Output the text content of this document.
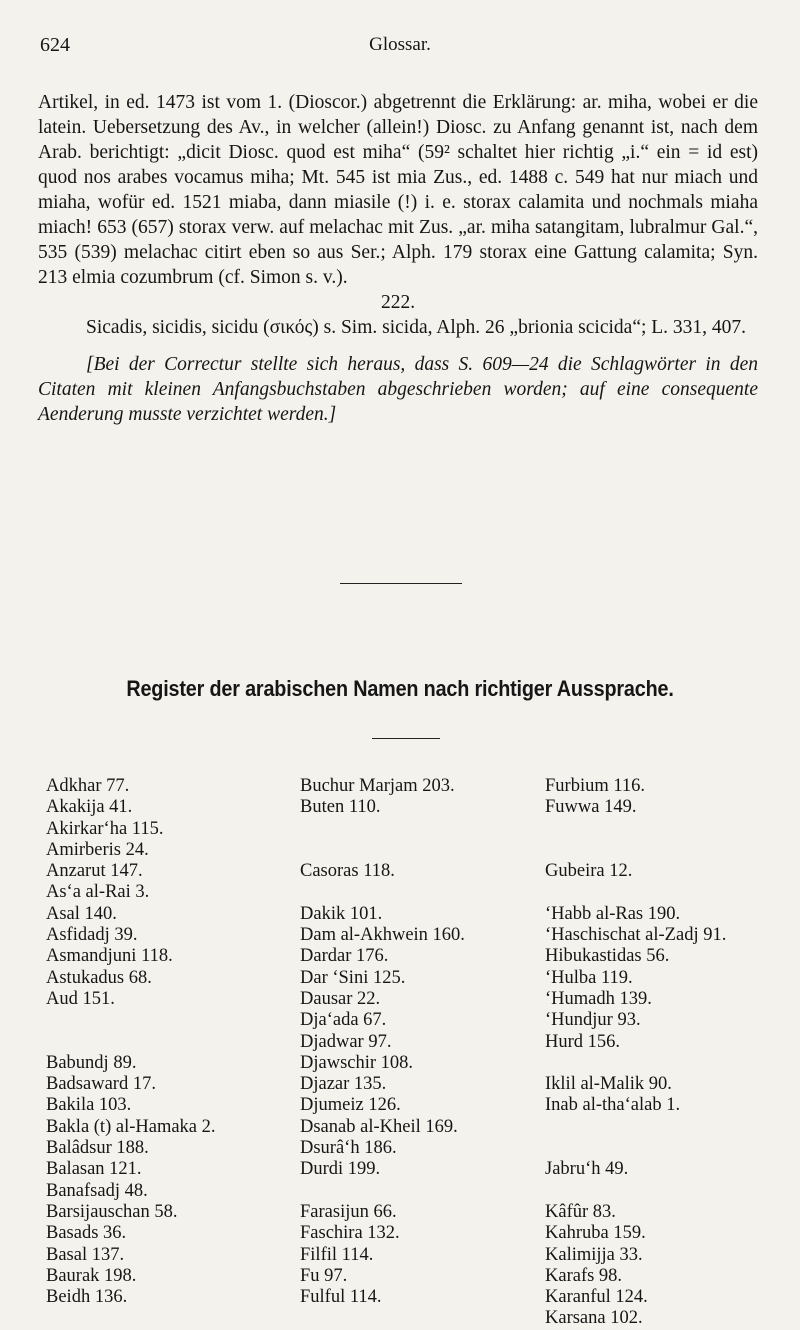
624	Glossar.

Artikel, in ed. 1473 ist vom 1. (Dioscor.) abgetrennt die Erklärung: ar. miha, wobei er die latein. Uebersetzung des Av., in welcher (allein!) Diosc. zu Anfang genannt ist, nach dem Arab. berichtigt: „dicit Diosc. quod est miha“ (59² schaltet hier richtig „i.“ ein = id est) quod nos arabes vocamus miha; Mt. 545 ist mia Zus., ed. 1488 c. 549 hat nur miach und miaha, wofür ed. 1521 miaba, dann miasile (!) i. e. storax calamita und nochmals miaha miach! 653 (657) storax verw. auf melachac mit Zus. „ar. miha satangitam, lubralmur Gal.“, 535 (539) melachac citirt eben so aus Ser.; Alph. 179 storax eine Gattung calamita; Syn. 213 elmia cozumbrum (cf. Simon s. v.).

222.

Sicadis, sicidis, sicidu (σικός) s. Sim. sicida, Alph. 26 „brionia scicida“; L. 331, 407.

[Bei der Correctur stellte sich heraus, dass S. 609—24 die Schlagwörter in den Citaten mit kleinen Anfangsbuchstaben abgeschrieben worden; auf eine consequente Aenderung musste verzichtet werden.]

Register der arabischen Namen nach richtiger Aussprache.
Adkhar 77.
Akakija 41.
Akirkar‘ha 115.
Amirberis 24.
Anzarut 147.
As‘a al-Rai 3.
Asal 140.
Asfidadj 39.
Asmandjuni 118.
Astukadus 68.
Aud 151.
Babundj 89.
Badsaward 17.
Bakila 103.
Bakla (t) al-Hamaka 2.
Balâdsur 188.
Balasan 121.
Banafsadj 48.
Barsijauschan 58.
Basads 36.
Basal 137.
Baurak 198.
Beidh 136.
Buchur Marjam 203.
Buten 110.
Casoras 118.
Dakik 101.
Dam al-Akhwein 160.
Dardar 176.
Dar ‘Sini 125.
Dausar 22.
Dja‘ada 67.
Djadwar 97.
Djawschir 108.
Djazar 135.
Djumeiz 126.
Dsanab al-Kheil 169.
Dsurâ‘h 186.
Durdi 199.
Farasijun 66.
Faschira 132.
Filfil 114.
Fu 97.
Fulful 114.
Furbium 116.
Fuwwa 149.
Gubeira 12.
‘Habb al-Ras 190.
‘Haschischat al-Zadj 91.
Hibukastidas 56.
‘Hulba 119.
‘Humadh 139.
‘Hundjur 93.
Hurd 156.
Iklil al-Malik 90.
Inab al-tha‘alab 1.
Jabru‘h 49.
Kâfûr 83.
Kahruba 159.
Kalimijja 33.
Karafs 98.
Karanful 124.
Karsana 102.
